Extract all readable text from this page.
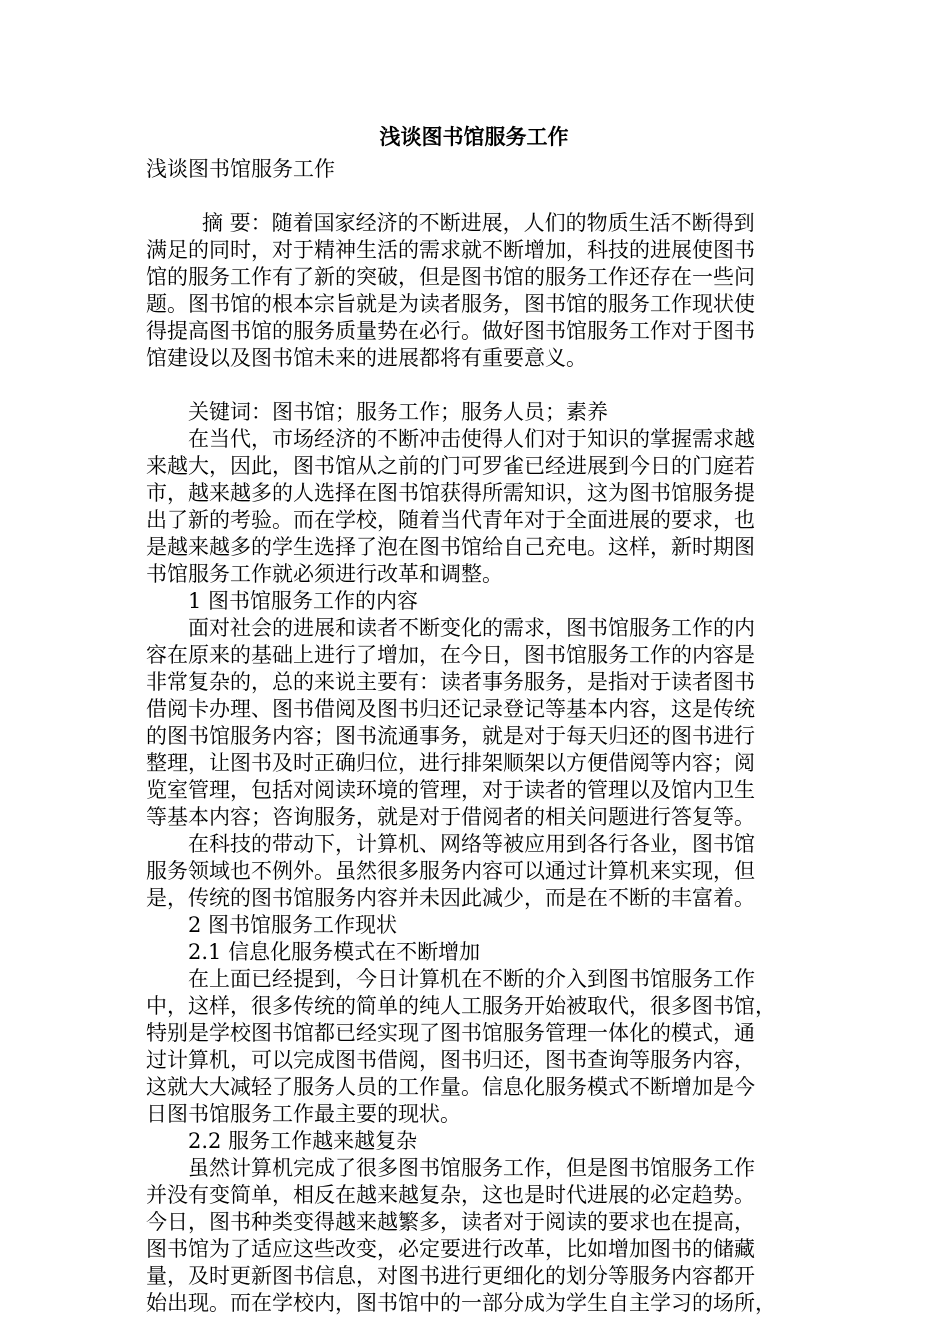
浅谈图书馆服务工作

浅谈图书馆服务工作

摘 要：随着国家经济的不断进展，人们的物质生活不断得到
满足的同时，对于精神生活的需求就不断增加，科技的进展使图书
馆的服务工作有了新的突破，但是图书馆的服务工作还存在一些问
题。图书馆的根本宗旨就是为读者服务，图书馆的服务工作现状使
得提高图书馆的服务质量势在必行。做好图书馆服务工作对于图书
馆建设以及图书馆未来的进展都将有重要意义。

关键词：图书馆；服务工作；服务人员；素养

在当代，市场经济的不断冲击使得人们对于知识的掌握需求越
来越大，因此，图书馆从之前的门可罗雀已经进展到今日的门庭若
市，越来越多的人选择在图书馆获得所需知识，这为图书馆服务提
出了新的考验。而在学校，随着当代青年对于全面进展的要求，也
是越来越多的学生选择了泡在图书馆给自己充电。这样，新时期图
书馆服务工作就必须进行改革和调整。

1 图书馆服务工作的内容

面对社会的进展和读者不断变化的需求，图书馆服务工作的内
容在原来的基础上进行了增加，在今日，图书馆服务工作的内容是
非常复杂的，总的来说主要有：读者事务服务，是指对于读者图书
借阅卡办理、图书借阅及图书归还记录登记等基本内容，这是传统
的图书馆服务内容；图书流通事务，就是对于每天归还的图书进行
整理，让图书及时正确归位，进行排架顺架以方便借阅等内容；阅
览室管理，包括对阅读环境的管理，对于读者的管理以及馆内卫生
等基本内容；咨询服务，就是对于借阅者的相关问题进行答复等。

在科技的带动下，计算机、网络等被应用到各行各业，图书馆
服务领域也不例外。虽然很多服务内容可以通过计算机来实现，但
是，传统的图书馆服务内容并未因此减少，而是在不断的丰富着。

2 图书馆服务工作现状

2.1 信息化服务模式在不断增加

在上面已经提到，今日计算机在不断的介入到图书馆服务工作
中，这样，很多传统的简单的纯人工服务开始被取代，很多图书馆，
特别是学校图书馆都已经实现了图书馆服务管理一体化的模式，通
过计算机，可以完成图书借阅，图书归还，图书查询等服务内容，
这就大大减轻了服务人员的工作量。信息化服务模式不断增加是今
日图书馆服务工作最主要的现状。

2.2 服务工作越来越复杂

虽然计算机完成了很多图书馆服务工作，但是图书馆服务工作
并没有变简单，相反在越来越复杂，这也是时代进展的必定趋势。
今日，图书种类变得越来越繁多，读者对于阅读的要求也在提高，
图书馆为了适应这些改变，必定要进行改革，比如增加图书的储藏
量，及时更新图书信息，对图书进行更细化的划分等服务内容都开
始出现。而在学校内，图书馆中的一部分成为学生自主学习的场所，
